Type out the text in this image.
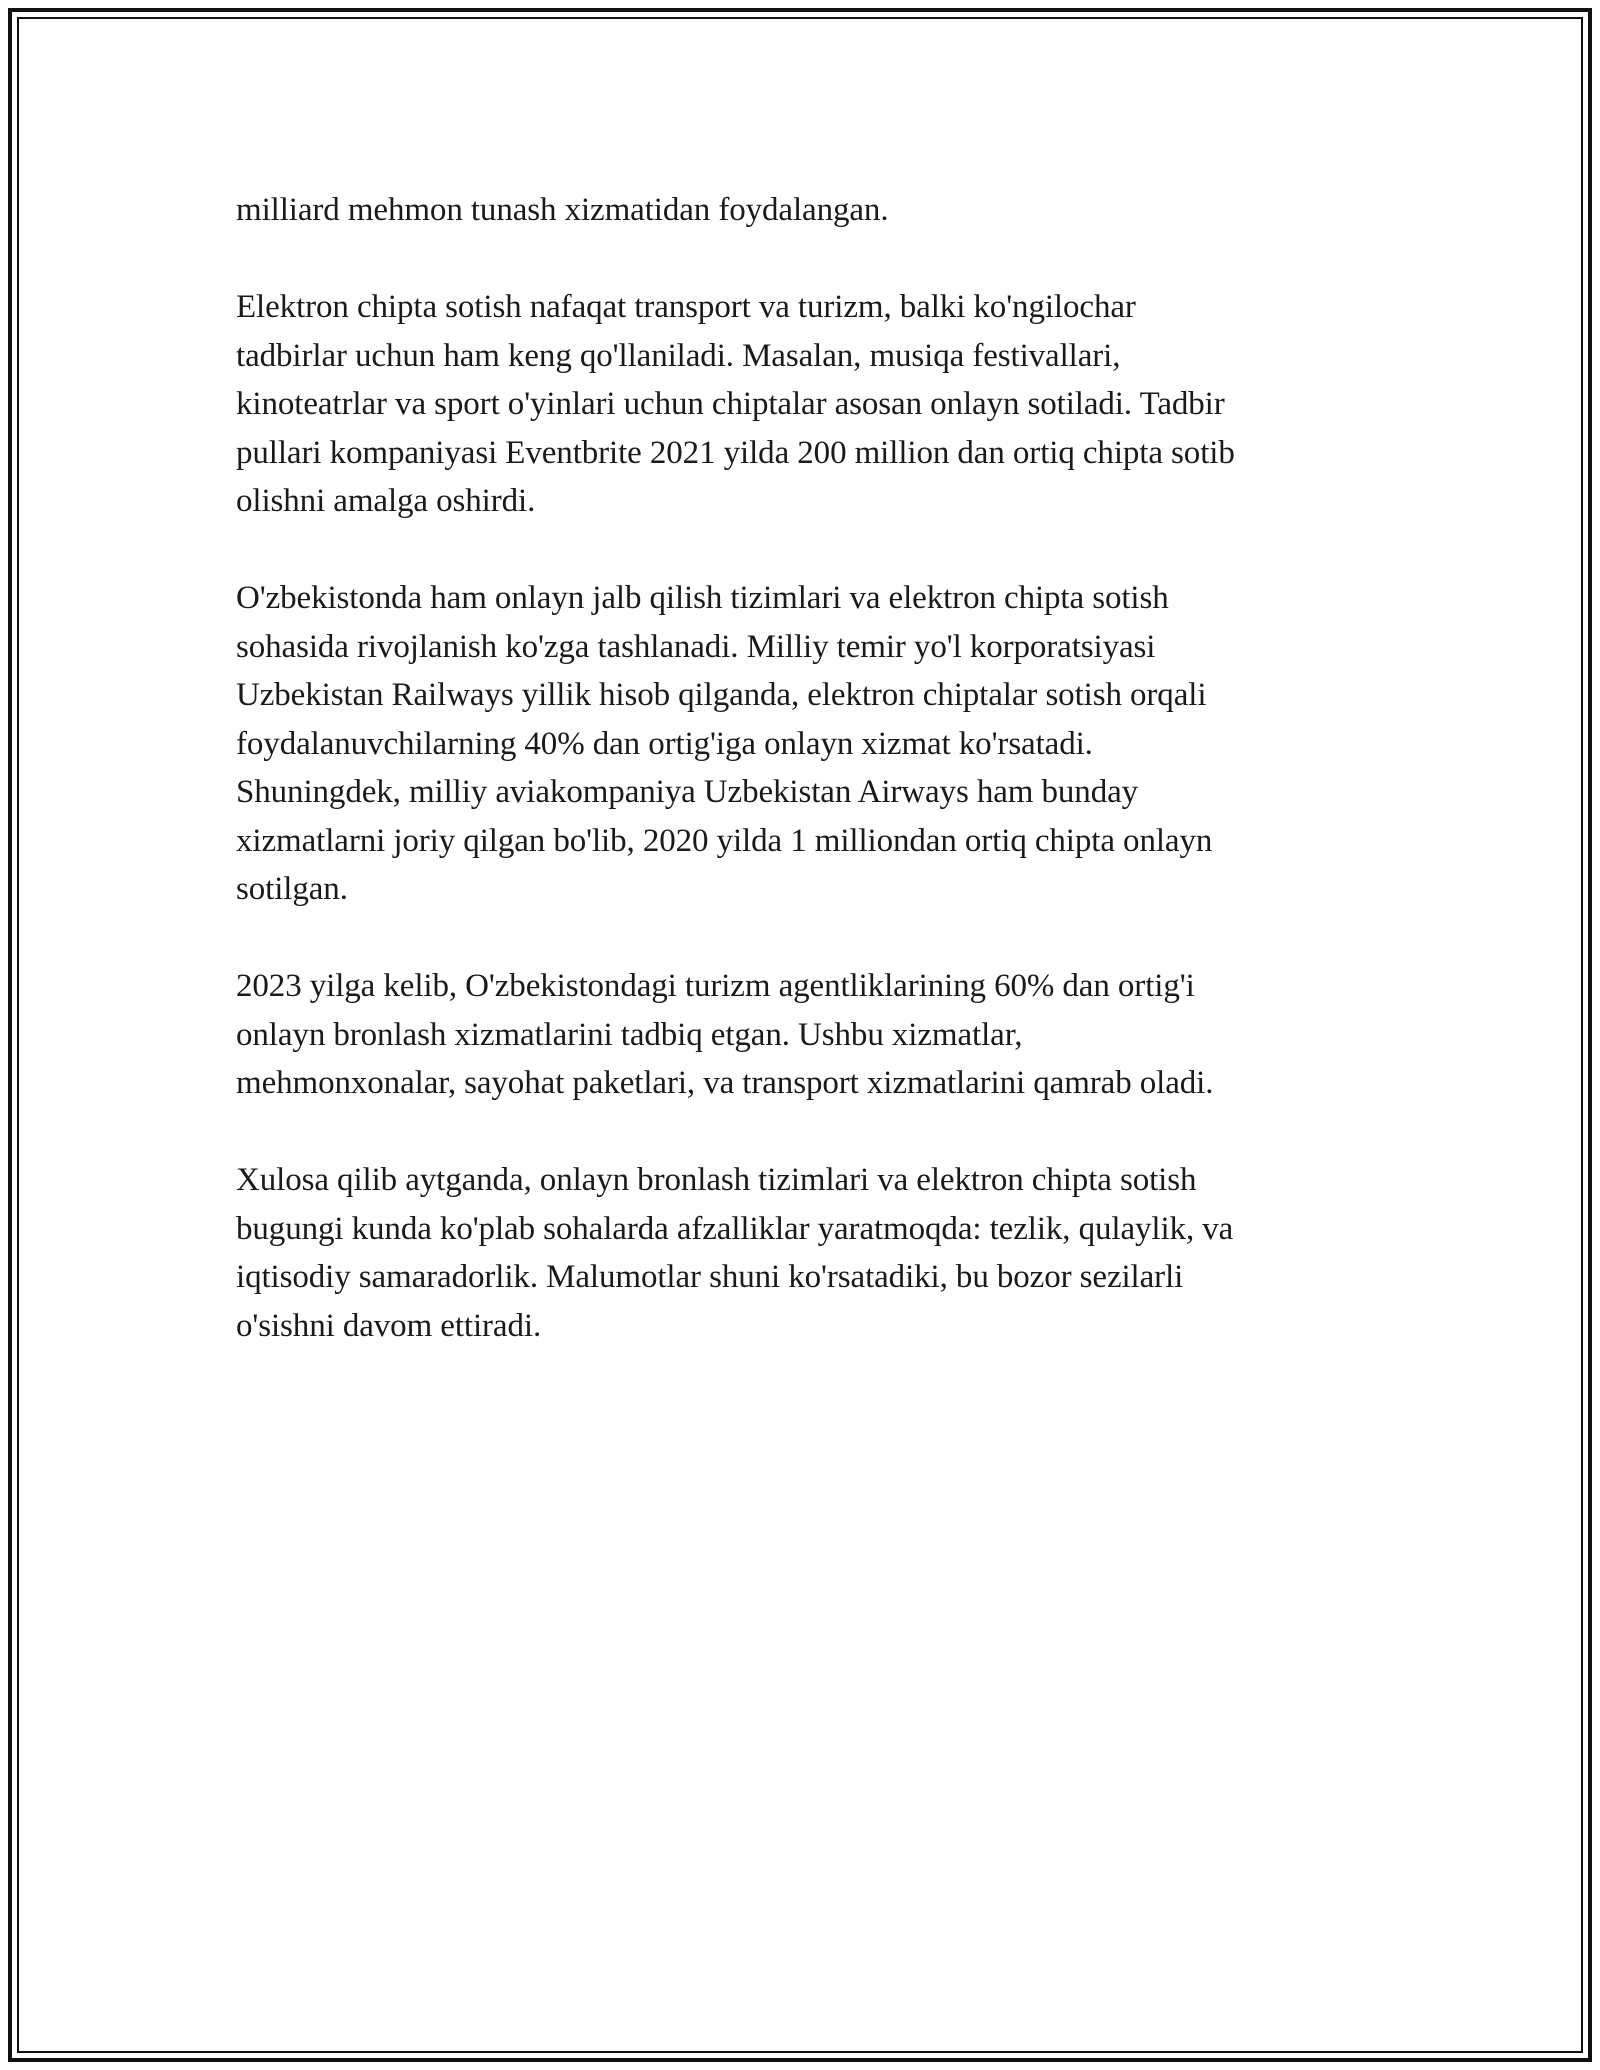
milliard mehmon tunash xizmatidan foydalangan.

Elektron chipta sotish nafaqat transport va turizm, balki ko'ngilochar
tadbirlar uchun ham keng qo'llaniladi. Masalan, musiqa festivallari,
kinoteatrlar va sport o'yinlari uchun chiptalar asosan onlayn sotiladi. Tadbir
pullari kompaniyasi Eventbrite 2021 yilda 200 million dan ortiq chipta sotib
olishni amalga oshirdi.

O'zbekistonda ham onlayn jalb qilish tizimlari va elektron chipta sotish
sohasida rivojlanish ko'zga tashlanadi. Milliy temir yo'l korporatsiyasi
Uzbekistan Railways yillik hisob qilganda, elektron chiptalar sotish orqali
foydalanuvchilarning 40% dan ortig'iga onlayn xizmat ko'rsatadi.
Shuningdek, milliy aviakompaniya Uzbekistan Airways ham bunday
xizmatlarni joriy qilgan bo'lib, 2020 yilda 1 milliondan ortiq chipta onlayn
sotilgan.

2023 yilga kelib, O'zbekistondagi turizm agentliklarining 60% dan ortig'i
onlayn bronlash xizmatlarini tadbiq etgan. Ushbu xizmatlar,
mehmonxonalar, sayohat paketlari, va transport xizmatlarini qamrab oladi.

Xulosa qilib aytganda, onlayn bronlash tizimlari va elektron chipta sotish
bugungi kunda ko'plab sohalarda afzalliklar yaratmoqda: tezlik, qulaylik, va
iqtisodiy samaradorlik. Malumotlar shuni ko'rsatadiki, bu bozor sezilarli
o'sishni davom ettiradi.
